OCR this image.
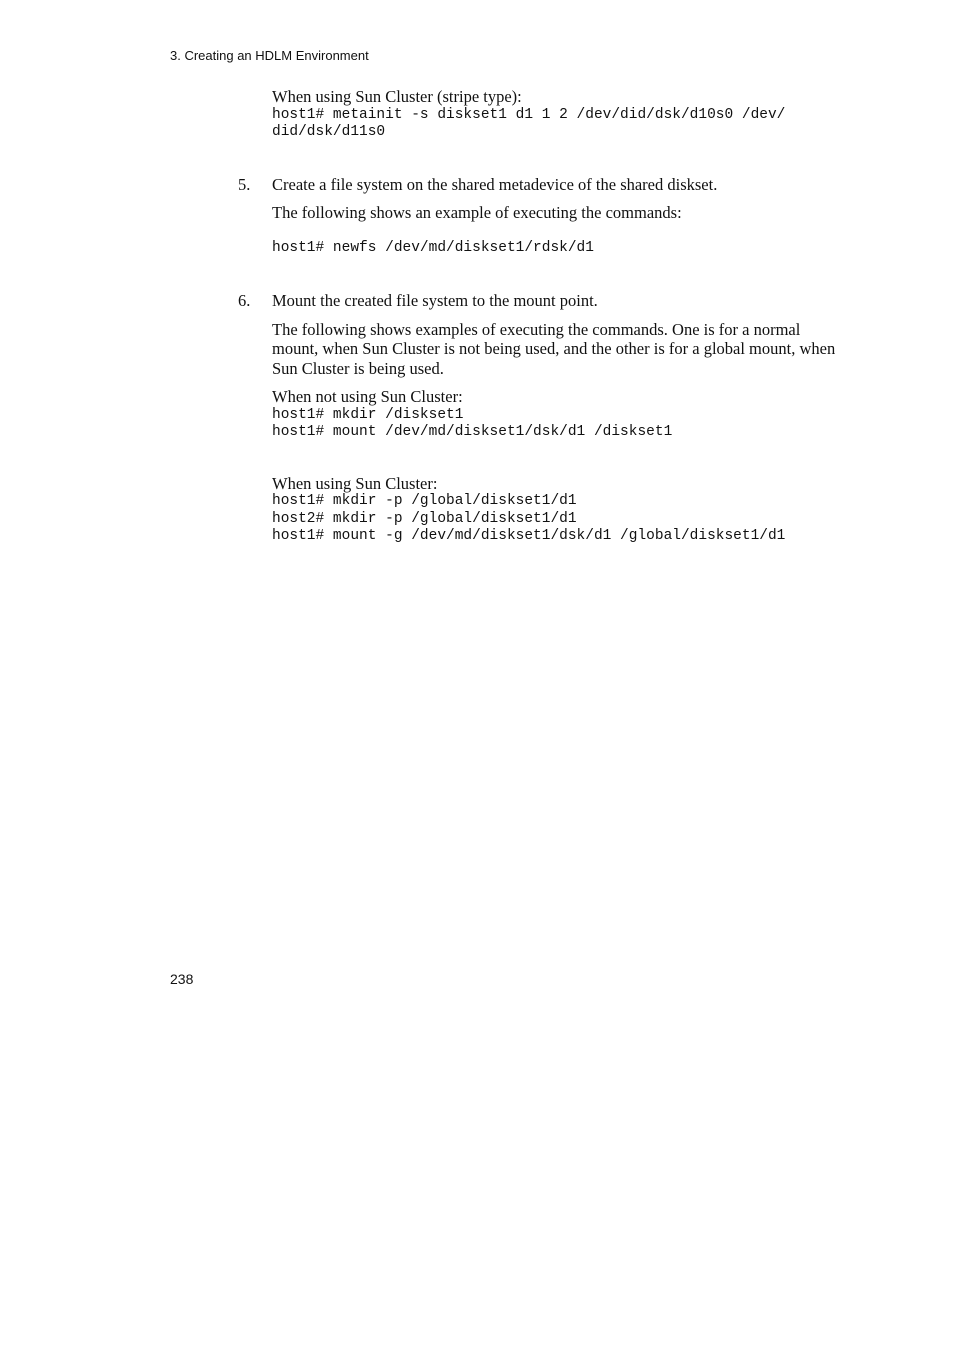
3. Creating an HDLM Environment

When using Sun Cluster (stripe type):

host1# metainit -s diskset1 d1 1 2 /dev/did/dsk/d10s0 /dev/
did/dsk/d11s0
5. Create a file system on the shared metadevice of the shared diskset.

The following shows an example of executing the commands:

host1# newfs /dev/md/diskset1/rdsk/d1
6. Mount the created file system to the mount point.

The following shows examples of executing the commands. One is for a normal mount, when Sun Cluster is not being used, and the other is for a global mount, when Sun Cluster is being used.

When not using Sun Cluster:

host1# mkdir /diskset1
host1# mount /dev/md/diskset1/dsk/d1 /diskset1

When using Sun Cluster:

host1# mkdir -p /global/diskset1/d1
host2# mkdir -p /global/diskset1/d1
host1# mount -g /dev/md/diskset1/dsk/d1 /global/diskset1/d1
238
